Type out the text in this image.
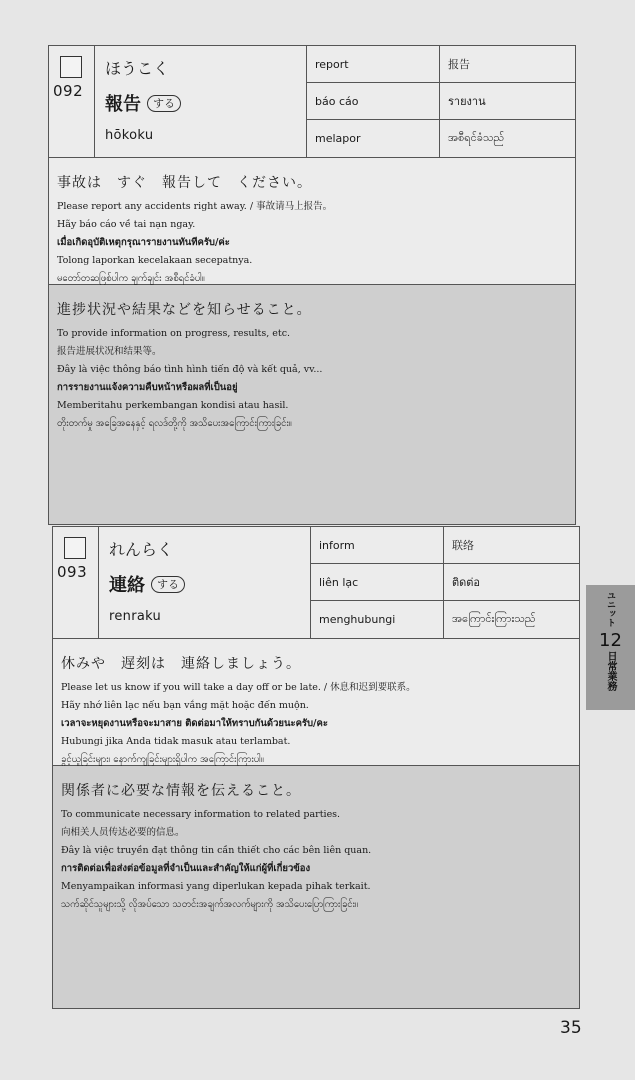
092
ほうこく
報告	する
hōkoku
report	报告
báo cáo	รายงาน
melapor	အစီရင်ခံသည်
事故は　すぐ　報告して　ください。
Please report any accidents right away. / 事故请马上报告。
Hãy báo cáo về tai nạn ngay.
เมื่อเกิดอุบัติเหตุกรุณารายงานทันทีครับ/ค่ะ
Tolong laporkan kecelakaan secepatnya.
မတော်တဆဖြစ်ပါက ချက်ချင်း အစီရင်ခံပါ။
進捗状況や結果などを知らせること。
To provide information on progress, results, etc.
报告进展状况和结果等。
Đây là việc thông báo tình hình tiến độ và kết quả, vv...
การรายงานแจ้งความคืบหน้าหรือผลที่เป็นอยู่
Memberitahu perkembangan kondisi atau hasil.
တိုးတက်မှု အခြေအနေနှင့် ရလဒ်တို့ကို အသိပေးအကြောင်းကြားခြင်း။
093
れんらく
連絡	する
renraku
inform	联络
liên lạc	ติดต่อ
menghubungi	အကြောင်းကြားသည်
休みや　遅刻は　連絡しましょう。
Please let us know if you will take a day off or be late. / 休息和迟到要联系。
Hãy nhớ liên lạc nếu bạn vắng mặt hoặc đến muộn.
เวลาจะหยุดงานหรือจะมาสาย ติดต่อมาให้ทราบกันด้วยนะครับ/คะ
Hubungi jika Anda tidak masuk atau terlambat.
ခွင့်ယူခြင်းများ၊ နောက်ကျခြင်းများရှိပါက အကြောင်းကြားပါ။
関係者に必要な情報を伝えること。
To communicate necessary information to related parties.
向相关人员传达必要的信息。
Đây là việc truyền đạt thông tin cần thiết cho các bên liên quan.
การติดต่อเพื่อส่งต่อข้อมูลที่จำเป็นและสำคัญให้แก่ผู้ที่เกี่ยวข้อง
Menyampaikan informasi yang diperlukan kepada pihak terkait.
သက်ဆိုင်သူများသို့ လိုအပ်သော သတင်းအချက်အလက်များကို အသိပေးပြောကြားခြင်း။
ユニット
12
日常業務
35
